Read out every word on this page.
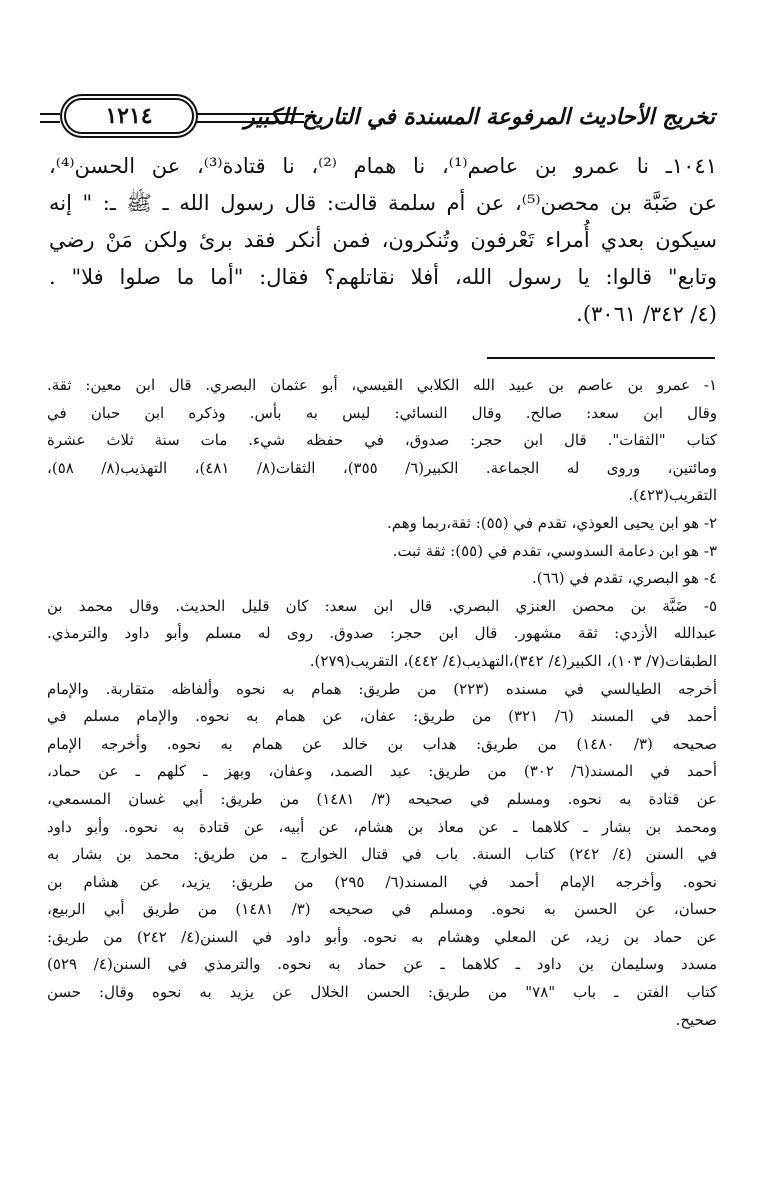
تخريج الأحاديث المرفوعة المسندة في التاريخ الكبير
١٢١٤
١٠٤١ـ نا عمرو بن عاصم⁽¹⁾، نا همام ⁽²⁾، نا قتادة⁽³⁾، عن الحسن⁽⁴⁾،
عن ضَبَّة بن محصن⁽⁵⁾، عن أم سلمة قالت: قال رسول الله ـ ﷺ ـ: " إنه
سيكون بعدي أُمراء تَعْرفون وتُنكرون، فمن أنكر فقد برئ ولكن مَنْ رضي
وتابع" قالوا: يا رسول الله، أفلا نقاتلهم؟ فقال: "أما ما صلوا فلا" .
(٤/ ٣٤٢/ ٣٠٦١).
١- عمرو بن عاصم بن عبيد الله الكلابي القيسي، أبو عثمان البصري. قال ابن معين: ثقة.
وقال ابن سعد: صالح. وقال النسائي: ليس به بأس. وذكره ابن حبان في
كتاب "الثقات". قال ابن حجر: صدوق، في حفظه شيء. مات سنة ثلاث عشرة
ومائتين، وروى له الجماعة. الكبير(٦/ ٣٥٥)، الثقات(٨/ ٤٨١)، التهذيب(٨/ ٥٨)،
التقريب(٤٢٣).
٢- هو ابن يحيى العوذي، تقدم في (٥٥): ثقة،ربما وهم.
٣- هو ابن دعامة السدوسي، تقدم في (٥٥): ثقة ثبت.
٤- هو البصري، تقدم في (٦٦).
٥- ضَبَّة بن محصن العنزي البصري. قال ابن سعد: كان قليل الحديث. وقال محمد بن
عبدالله الأزدي: ثقة مشهور. قال ابن حجر: صدوق. روى له مسلم وأبو داود والترمذي.
الطبقات(٧/ ١٠٣)، الكبير(٤/ ٣٤٢)،التهذيب(٤/ ٤٤٢)، التقريب(٢٧٩).
أخرجه الطيالسي في مسنده (٢٢٣) من طريق: همام به نحوه وألفاظه متقاربة. والإمام
أحمد في المسند (٦/ ٣٢١) من طريق: عفان، عن همام به نحوه. والإمام مسلم في
صحيحه (٣/ ١٤٨٠) من طريق: هداب بن خالد عن همام به نحوه. وأخرجه الإمام
أحمد في المسند(٦/ ٣٠٢) من طريق: عبد الصمد، وعفان، وبهز ـ كلهم ـ عن حماد،
عن قتادة به نحوه. ومسلم في صحيحه (٣/ ١٤٨١) من طريق: أبي غسان المسمعي،
ومحمد بن بشار ـ كلاهما ـ عن معاذ بن هشام، عن أبيه، عن قتادة به نحوه. وأبو داود
في السنن (٤/ ٢٤٢) كتاب السنة. باب في قتال الخوارج ـ من طريق: محمد بن بشار به
نحوه. وأخرجه الإمام أحمد في المسند(٦/ ٢٩٥) من طريق: يزيد، عن هشام بن
حسان، عن الحسن به نحوه. ومسلم في صحيحه (٣/ ١٤٨١) من طريق أبي الربيع،
عن حماد بن زيد، عن المعلي وهشام به نحوه. وأبو داود في السنن(٤/ ٢٤٢) من طريق:
مسدد وسليمان بن داود ـ كلاهما ـ عن حماد به نحوه. والترمذي في السنن(٤/ ٥٢٩)
كتاب الفتن ـ باب "٧٨" من طريق: الحسن الخلال عن يزيد به نحوه وقال: حسن
صحيح.
